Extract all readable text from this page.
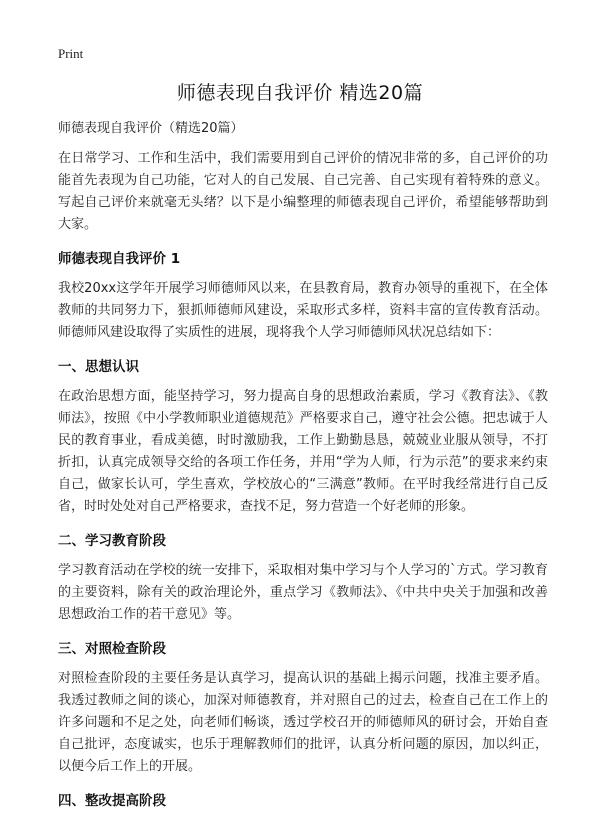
Print
师德表现自我评价 精选20篇

师德表现自我评价（精选20篇）

在日常学习、工作和生活中，我们需要用到自己评价的情况非常的多，自己评价的功能首先表现为自己功能，它对人的自己发展、自己完善、自己实现有着特殊的意义。写起自己评价来就毫无头绪？以下是小编整理的师德表现自己评价，希望能够帮助到大家。

师德表现自我评价 1

我校20xx这学年开展学习师德师风以来，在县教育局，教育办领导的重视下，在全体教师的共同努力下，狠抓师德师风建设，采取形式多样，资料丰富的宣传教育活动。师德师风建设取得了实质性的进展，现将我个人学习师德师风状况总结如下：

一、思想认识

在政治思想方面，能坚持学习，努力提高自身的思想政治素质，学习《教育法》、《教师法》，按照《中小学教师职业道德规范》严格要求自己，遵守社会公德。把忠诚于人民的教育事业，看成美德，时时激励我，工作上勤勤恳恳，兢兢业业服从领导，不打折扣，认真完成领导交给的各项工作任务，并用“学为人师，行为示范”的要求来约束自己，做家长认可，学生喜欢，学校放心的“三满意”教师。在平时我经常进行自己反省，时时处处对自己严格要求，查找不足，努力营造一个好老师的形象。

二、学习教育阶段

学习教育活动在学校的统一安排下，采取相对集中学习与个人学习的`方式。学习教育的主要资料，除有关的政治理论外，重点学习《教师法》、《中共中央关于加强和改善思想政治工作的若干意见》等。

三、对照检查阶段

对照检查阶段的主要任务是认真学习，提高认识的基础上揭示问题，找准主要矛盾。我透过教师之间的谈心，加深对师德教育，并对照自己的过去，检查自己在工作上的许多问题和不足之处，向老师们畅谈，透过学校召开的师德师风的研讨会，开始自查自己批评，态度诚实，也乐于理解教师们的批评，认真分析问题的原因，加以纠正，以便今后工作上的开展。

四、整改提高阶段
